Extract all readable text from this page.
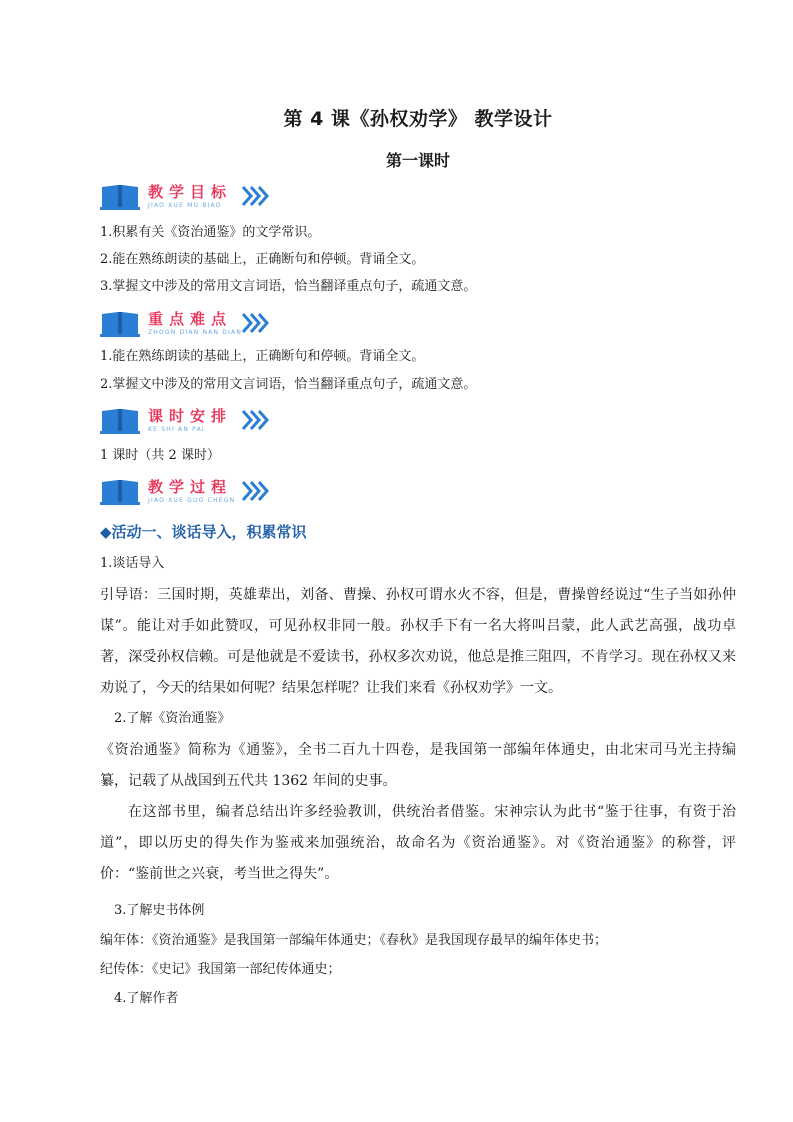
第 4 课《孙权劝学》 教学设计
第一课时
教学目标
JIAO XUE MU BIAO
1.积累有关《资治通鉴》的文学常识。
2.能在熟练朗读的基础上，正确断句和停顿。背诵全文。
3.掌握文中涉及的常用文言词语，恰当翻译重点句子，疏通文意。
重点难点
ZHOGN DIAN NAN DIAN
1.能在熟练朗读的基础上，正确断句和停顿。背诵全文。
2.掌握文中涉及的常用文言词语，恰当翻译重点句子，疏通文意。
课时安排
KE SHI AN PAI
1 课时（共 2 课时）
教学过程
JIAO XUE GUO CHEGN
◆活动一、谈话导入，积累常识
1.谈话导入

引导语：三国时期，英雄辈出，刘备、曹操、孙权可谓水火不容，但是，曹操曾经说过“生子当如孙仲谋”。能让对手如此赞叹，可见孙权非同一般。孙权手下有一名大将叫吕蒙，此人武艺高强，战功卓著，深受孙权信赖。可是他就是不爱读书，孙权多次劝说，他总是推三阻四，不肯学习。现在孙权又来劝说了，今天的结果如何呢？结果怎样呢？让我们来看《孙权劝学》一文。

2.了解《资治通鉴》

《资治通鉴》简称为《通鉴》，全书二百九十四卷，是我国第一部编年体通史，由北宋司马光主持编纂，记载了从战国到五代共 1362 年间的史事。

在这部书里，编者总结出许多经验教训，供统治者借鉴。宋神宗认为此书“鉴于往事，有资于治道”，即以历史的得失作为鉴戒来加强统治，故命名为《资治通鉴》。对《资治通鉴》的称誉，评价：“鉴前世之兴衰，考当世之得失”。

3.了解史书体例
编年体：《资治通鉴》是我国第一部编年体通史；《春秋》是我国现存最早的编年体史书；
纪传体：《史记》我国第一部纪传体通史；
4.了解作者
